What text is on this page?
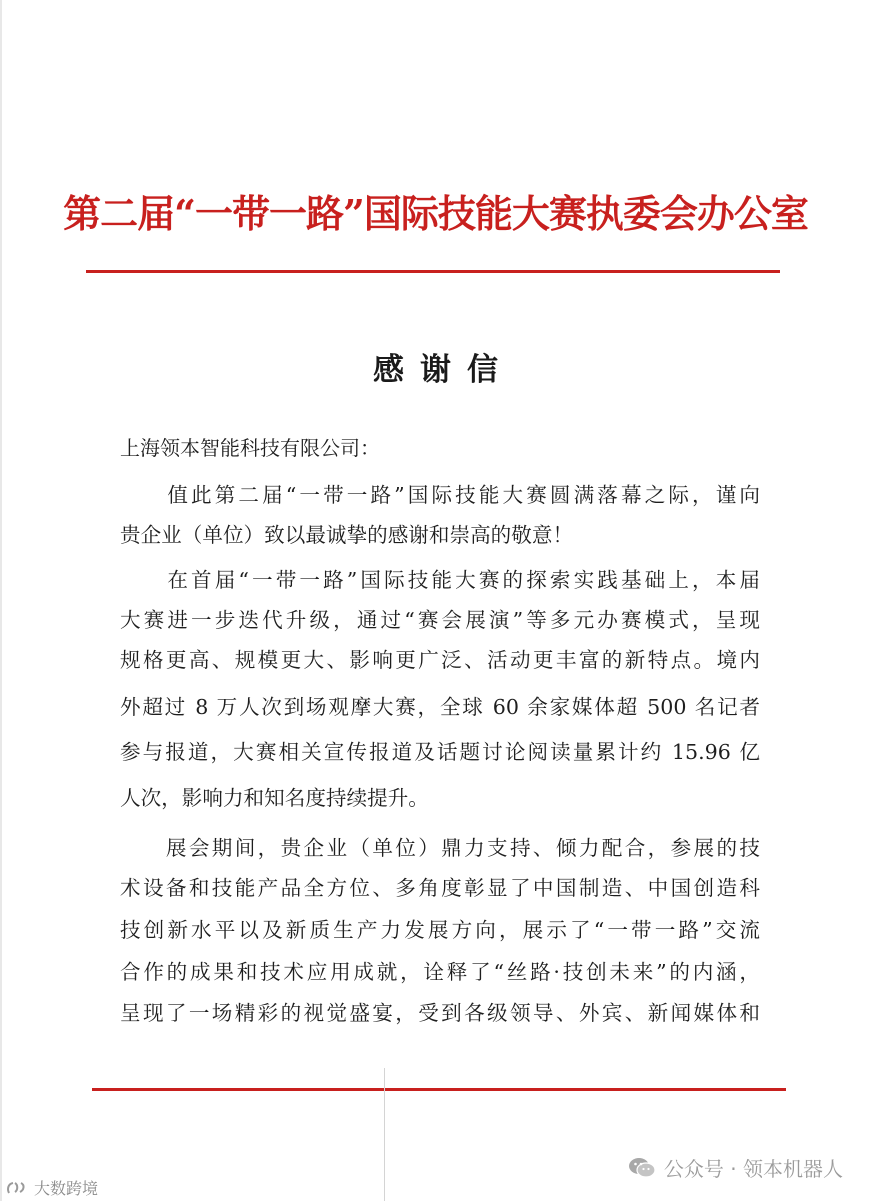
第二届“一带一路”国际技能大赛执委会办公室
感谢信
上海领本智能科技有限公司：
　　值此第二届“一带一路”国际技能大赛圆满落幕之际，谨向
贵企业（单位）致以最诚挚的感谢和崇高的敬意！
　　在首届“一带一路”国际技能大赛的探索实践基础上，本届
大赛进一步迭代升级，通过“赛会展演”等多元办赛模式，呈现
规格更高、规模更大、影响更广泛、活动更丰富的新特点。境内
外超过 8 万人次到场观摩大赛，全球 60 余家媒体超 500 名记者
参与报道，大赛相关宣传报道及话题讨论阅读量累计约 15.96 亿
人次，影响力和知名度持续提升。
　　展会期间，贵企业（单位）鼎力支持、倾力配合，参展的技
术设备和技能产品全方位、多角度彰显了中国制造、中国创造科
技创新水平以及新质生产力发展方向，展示了“一带一路”交流
合作的成果和技术应用成就，诠释了“丝路·技创未来”的内涵，
呈现了一场精彩的视觉盛宴，受到各级领导、外宾、新闻媒体和
大数跨境
公众号 · 领本机器人
